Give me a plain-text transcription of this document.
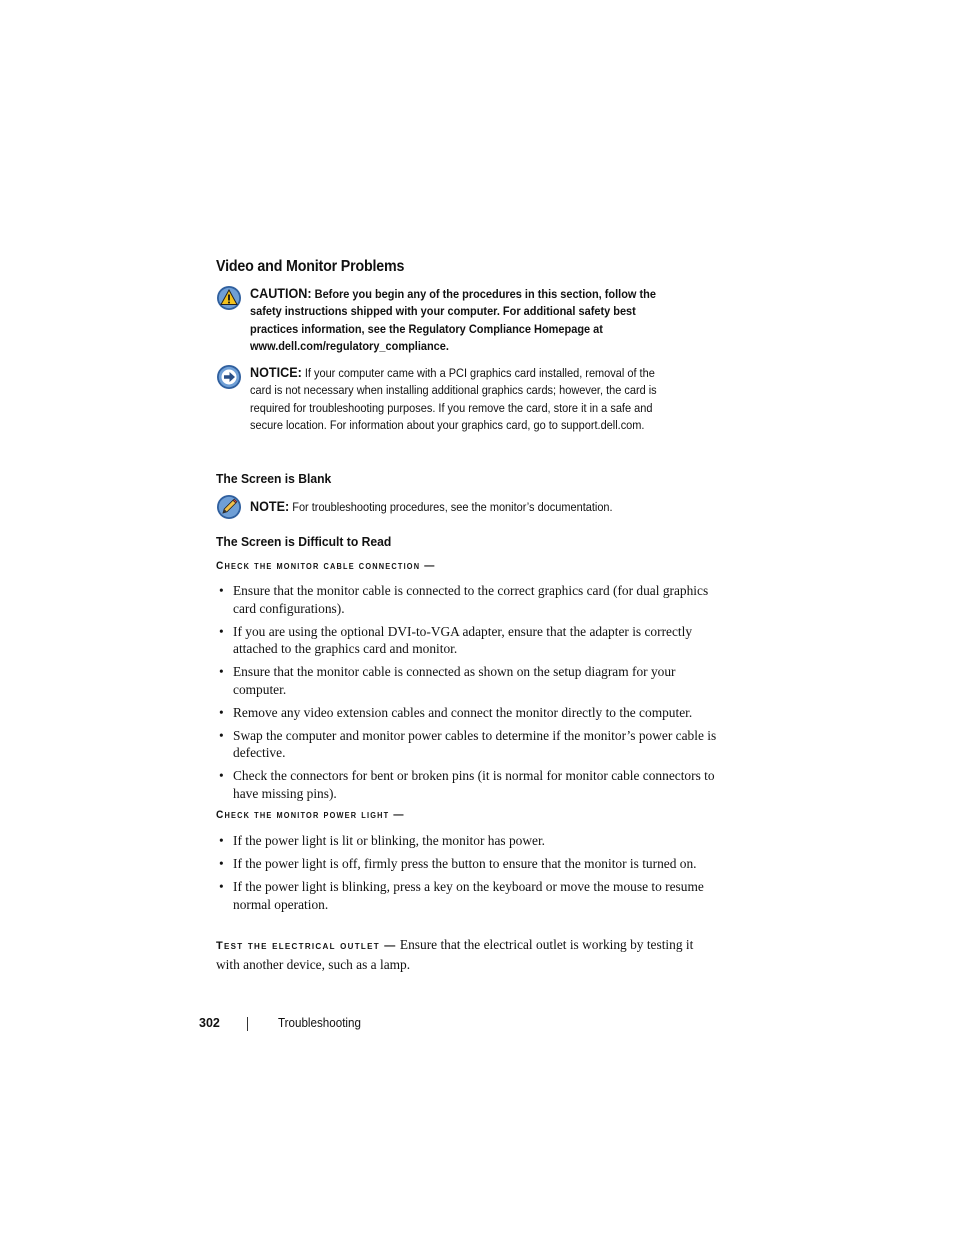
Video and Monitor Problems
CAUTION: Before you begin any of the procedures in this section, follow the safety instructions shipped with your computer. For additional safety best practices information, see the Regulatory Compliance Homepage at www.dell.com/regulatory_compliance.
NOTICE: If your computer came with a PCI graphics card installed, removal of the card is not necessary when installing additional graphics cards; however, the card is required for troubleshooting purposes. If you remove the card, store it in a safe and secure location. For information about your graphics card, go to support.dell.com.
The Screen is Blank
NOTE: For troubleshooting procedures, see the monitor’s documentation.
The Screen is Difficult to Read
Check the monitor cable connection —
• Ensure that the monitor cable is connected to the correct graphics card (for dual graphics card configurations).
• If you are using the optional DVI-to-VGA adapter, ensure that the adapter is correctly attached to the graphics card and monitor.
• Ensure that the monitor cable is connected as shown on the setup diagram for your computer.
• Remove any video extension cables and connect the monitor directly to the computer.
• Swap the computer and monitor power cables to determine if the monitor’s power cable is defective.
• Check the connectors for bent or broken pins (it is normal for monitor cable connectors to have missing pins).
Check the monitor power light —
• If the power light is lit or blinking, the monitor has power.
• If the power light is off, firmly press the button to ensure that the monitor is turned on.
• If the power light is blinking, press a key on the keyboard or move the mouse to resume normal operation.
Test the electrical outlet — Ensure that the electrical outlet is working by testing it with another device, such as a lamp.
302	Troubleshooting
